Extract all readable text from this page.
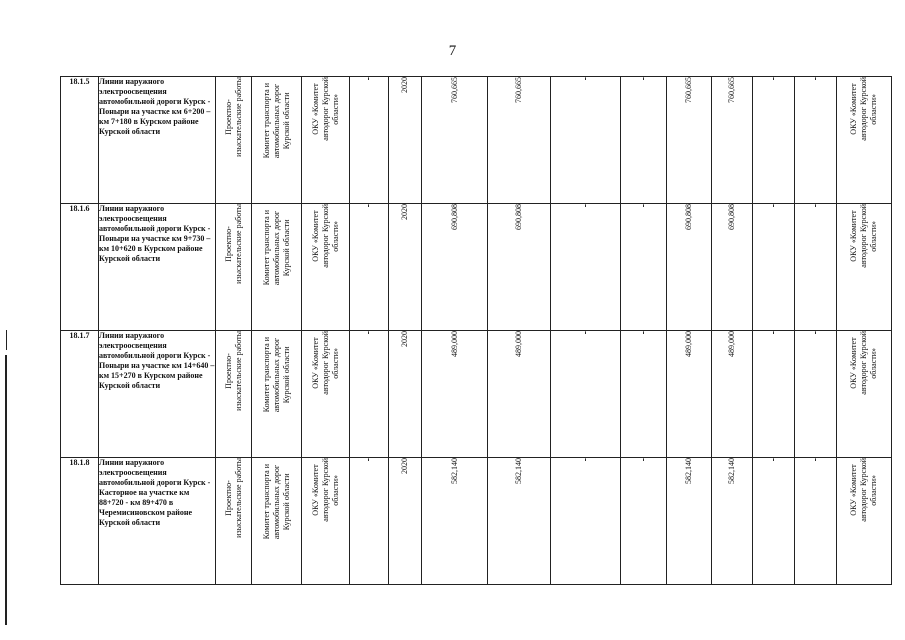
7
18.1.5	Линии наружного электроосвещения автомобильной дороги Курск - Поныри на участке км 6+200 – км 7+180 в Курском районе Курской области	Проектно-
изыскательские работы	Комитет транспорта и
автомобильных дорог
Курской области	ОКУ «Комитет
автодорог Курской
области»	-	2020	760,665	760,665	-	-	760,665	760,665	-	-	ОКУ «Комитет
автодорог Курской
области»

18.1.6	Линии наружного электроосвещения автомобильной дороги Курск - Поныри на участке км 9+730 – км 10+620 в Курском районе Курской области	Проектно-
изыскательские работы	Комитет транспорта и
автомобильных дорог
Курской области	ОКУ «Комитет
автодорог Курской
области»	-	2020	690,808	690,808	-	-	690,808	690,808	-	-	ОКУ «Комитет
автодорог Курской
области»

18.1.7	Линии наружного электроосвещения автомобильной дороги Курск - Поныри на участке км 14+640 – км 15+270 в Курском районе Курской области	Проектно-
изыскательские работы	Комитет транспорта и
автомобильных дорог
Курской области	ОКУ «Комитет
автодорог Курской
области»	-	2020	489,000	489,000	-	-	489,000	489,000	-	-	ОКУ «Комитет
автодорог Курской
области»

18.1.8	Линии наружного электроосвещения автомобильной дороги Курск - Касторное на участке км 88+720 - км 89+470 в Черемисиновском районе Курской области	Проектно-
изыскательские работы	Комитет транспорта и
автомобильных дорог
Курской области	ОКУ «Комитет
автодорог Курской
области»	-	2020	582,140	582,140	-	-	582,140	582,140	-	-	ОКУ «Комитет
автодорог Курской
области»
